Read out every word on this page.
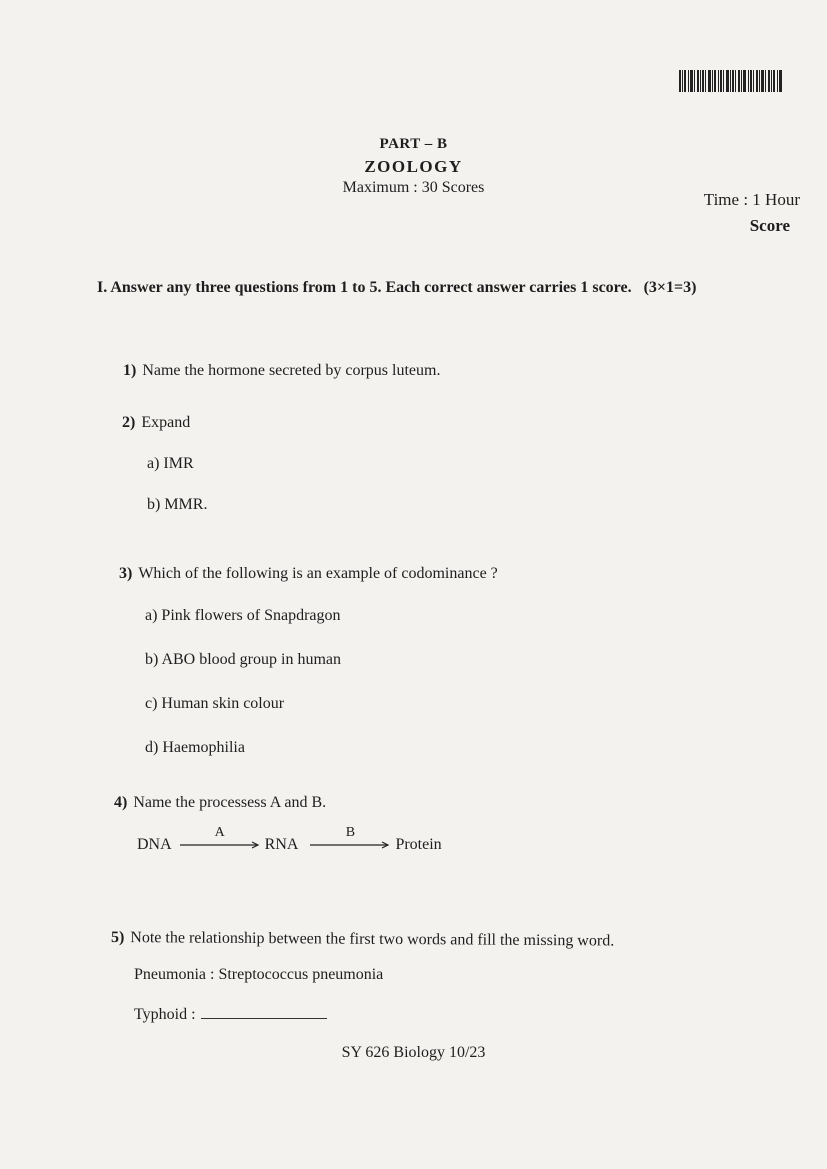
PART – B
ZOOLOGY
Maximum : 30 Scores
Time : 1 Hour
Score
I. Answer any three questions from 1 to 5. Each correct answer carries 1 score. (3×1=3)
1) Name the hormone secreted by corpus luteum.
2) Expand
a) IMR
b) MMR.
3) Which of the following is an example of codominance ?
a) Pink flowers of Snapdragon
b) ABO blood group in human
c) Human skin colour
d) Haemophilia
4) Name the processess A and B.
DNA
A
RNA
B
Protein
5) Note the relationship between the first two words and fill the missing word.
Pneumonia : Streptococcus pneumonia
Typhoid :
SY 626 Biology 10/23
